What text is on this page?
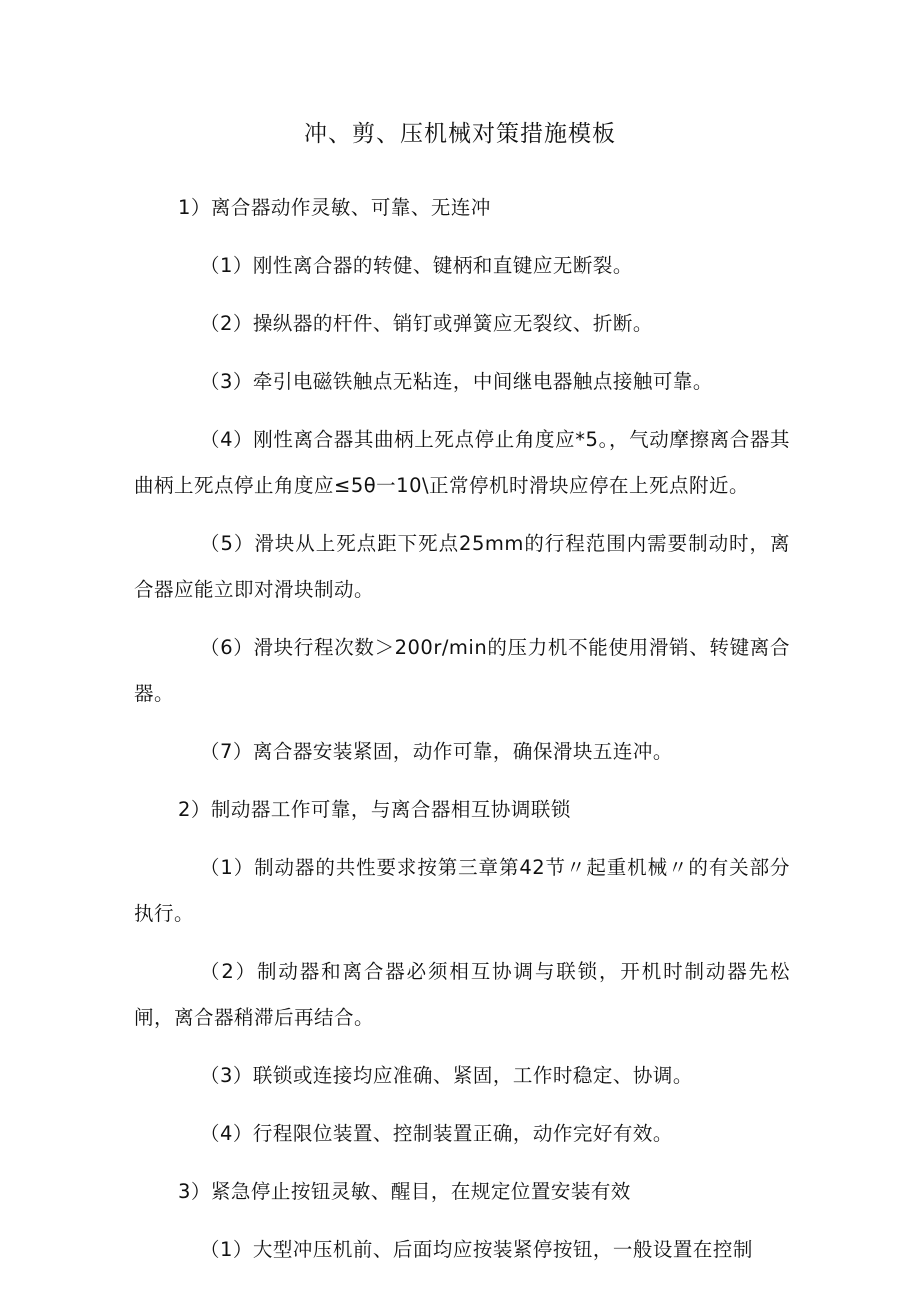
冲、剪、压机械对策措施模板

1）离合器动作灵敏、可靠、无连冲

（1）刚性离合器的转健、键柄和直键应无断裂。

（2）操纵器的杆件、销钉或弹簧应无裂纹、折断。

（3）牵引电磁铁触点无粘连，中间继电器触点接触可靠。

（4）刚性离合器其曲柄上死点停止角度应*5。，气动摩擦离合器其曲柄上死点停止角度应≤5θ一10\正常停机时滑块应停在上死点附近。

（5）滑块从上死点距下死点25mm的行程范围内需要制动时，离合器应能立即对滑块制动。

（6）滑块行程次数＞200r/min的压力机不能使用滑销、转键离合器。

（7）离合器安装紧固，动作可靠，确保滑块五连冲。

2）制动器工作可靠，与离合器相互协调联锁

（1）制动器的共性要求按第三章第42节〃起重机械〃的有关部分执行。

（2）制动器和离合器必须相互协调与联锁，开机时制动器先松闸，离合器稍滞后再结合。

（3）联锁或连接均应准确、紧固，工作时稳定、协调。

（4）行程限位装置、控制装置正确，动作完好有效。

3）紧急停止按钮灵敏、醒目，在规定位置安装有效

（1）大型冲压机前、后面均应按装紧停按钮，一般设置在控制
